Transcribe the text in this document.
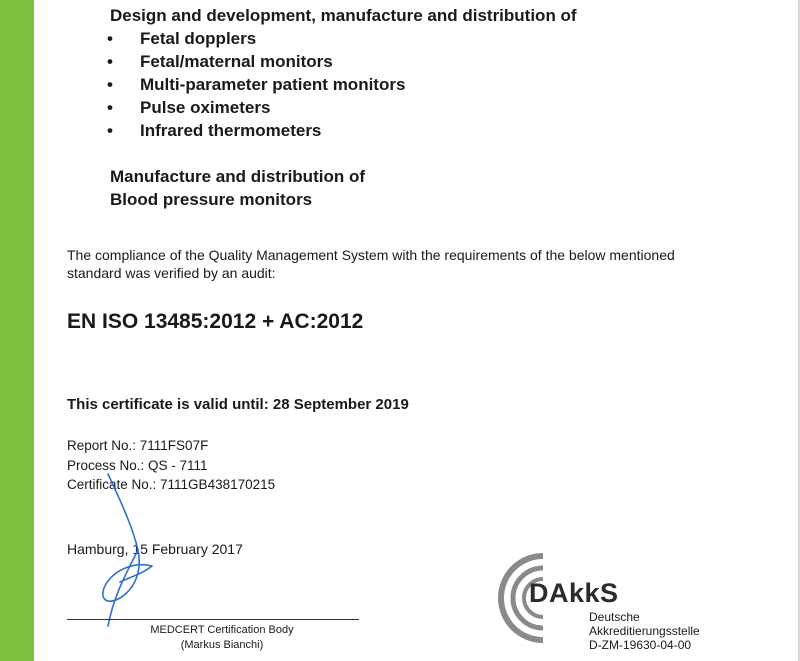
Design and development, manufacture and distribution of
•	Fetal dopplers
•	Fetal/maternal monitors
•	Multi-parameter patient monitors
•	Pulse oximeters
•	Infrared thermometers
Manufacture and distribution of
Blood pressure monitors
The compliance of the Quality Management System with the requirements of the below mentioned
standard was verified by an audit:
EN ISO 13485:2012 + AC:2012
This certificate is valid until: 28 September 2019
Report No.: 7111FS07F
Process No.: QS - 7111
Certificate No.: 7111GB438170215
Hamburg, 15 February 2017
MEDCERT Certification Body
(Markus Bianchi)
DAkkS
Deutsche
Akkreditierungsstelle
D-ZM-19630-04-00
